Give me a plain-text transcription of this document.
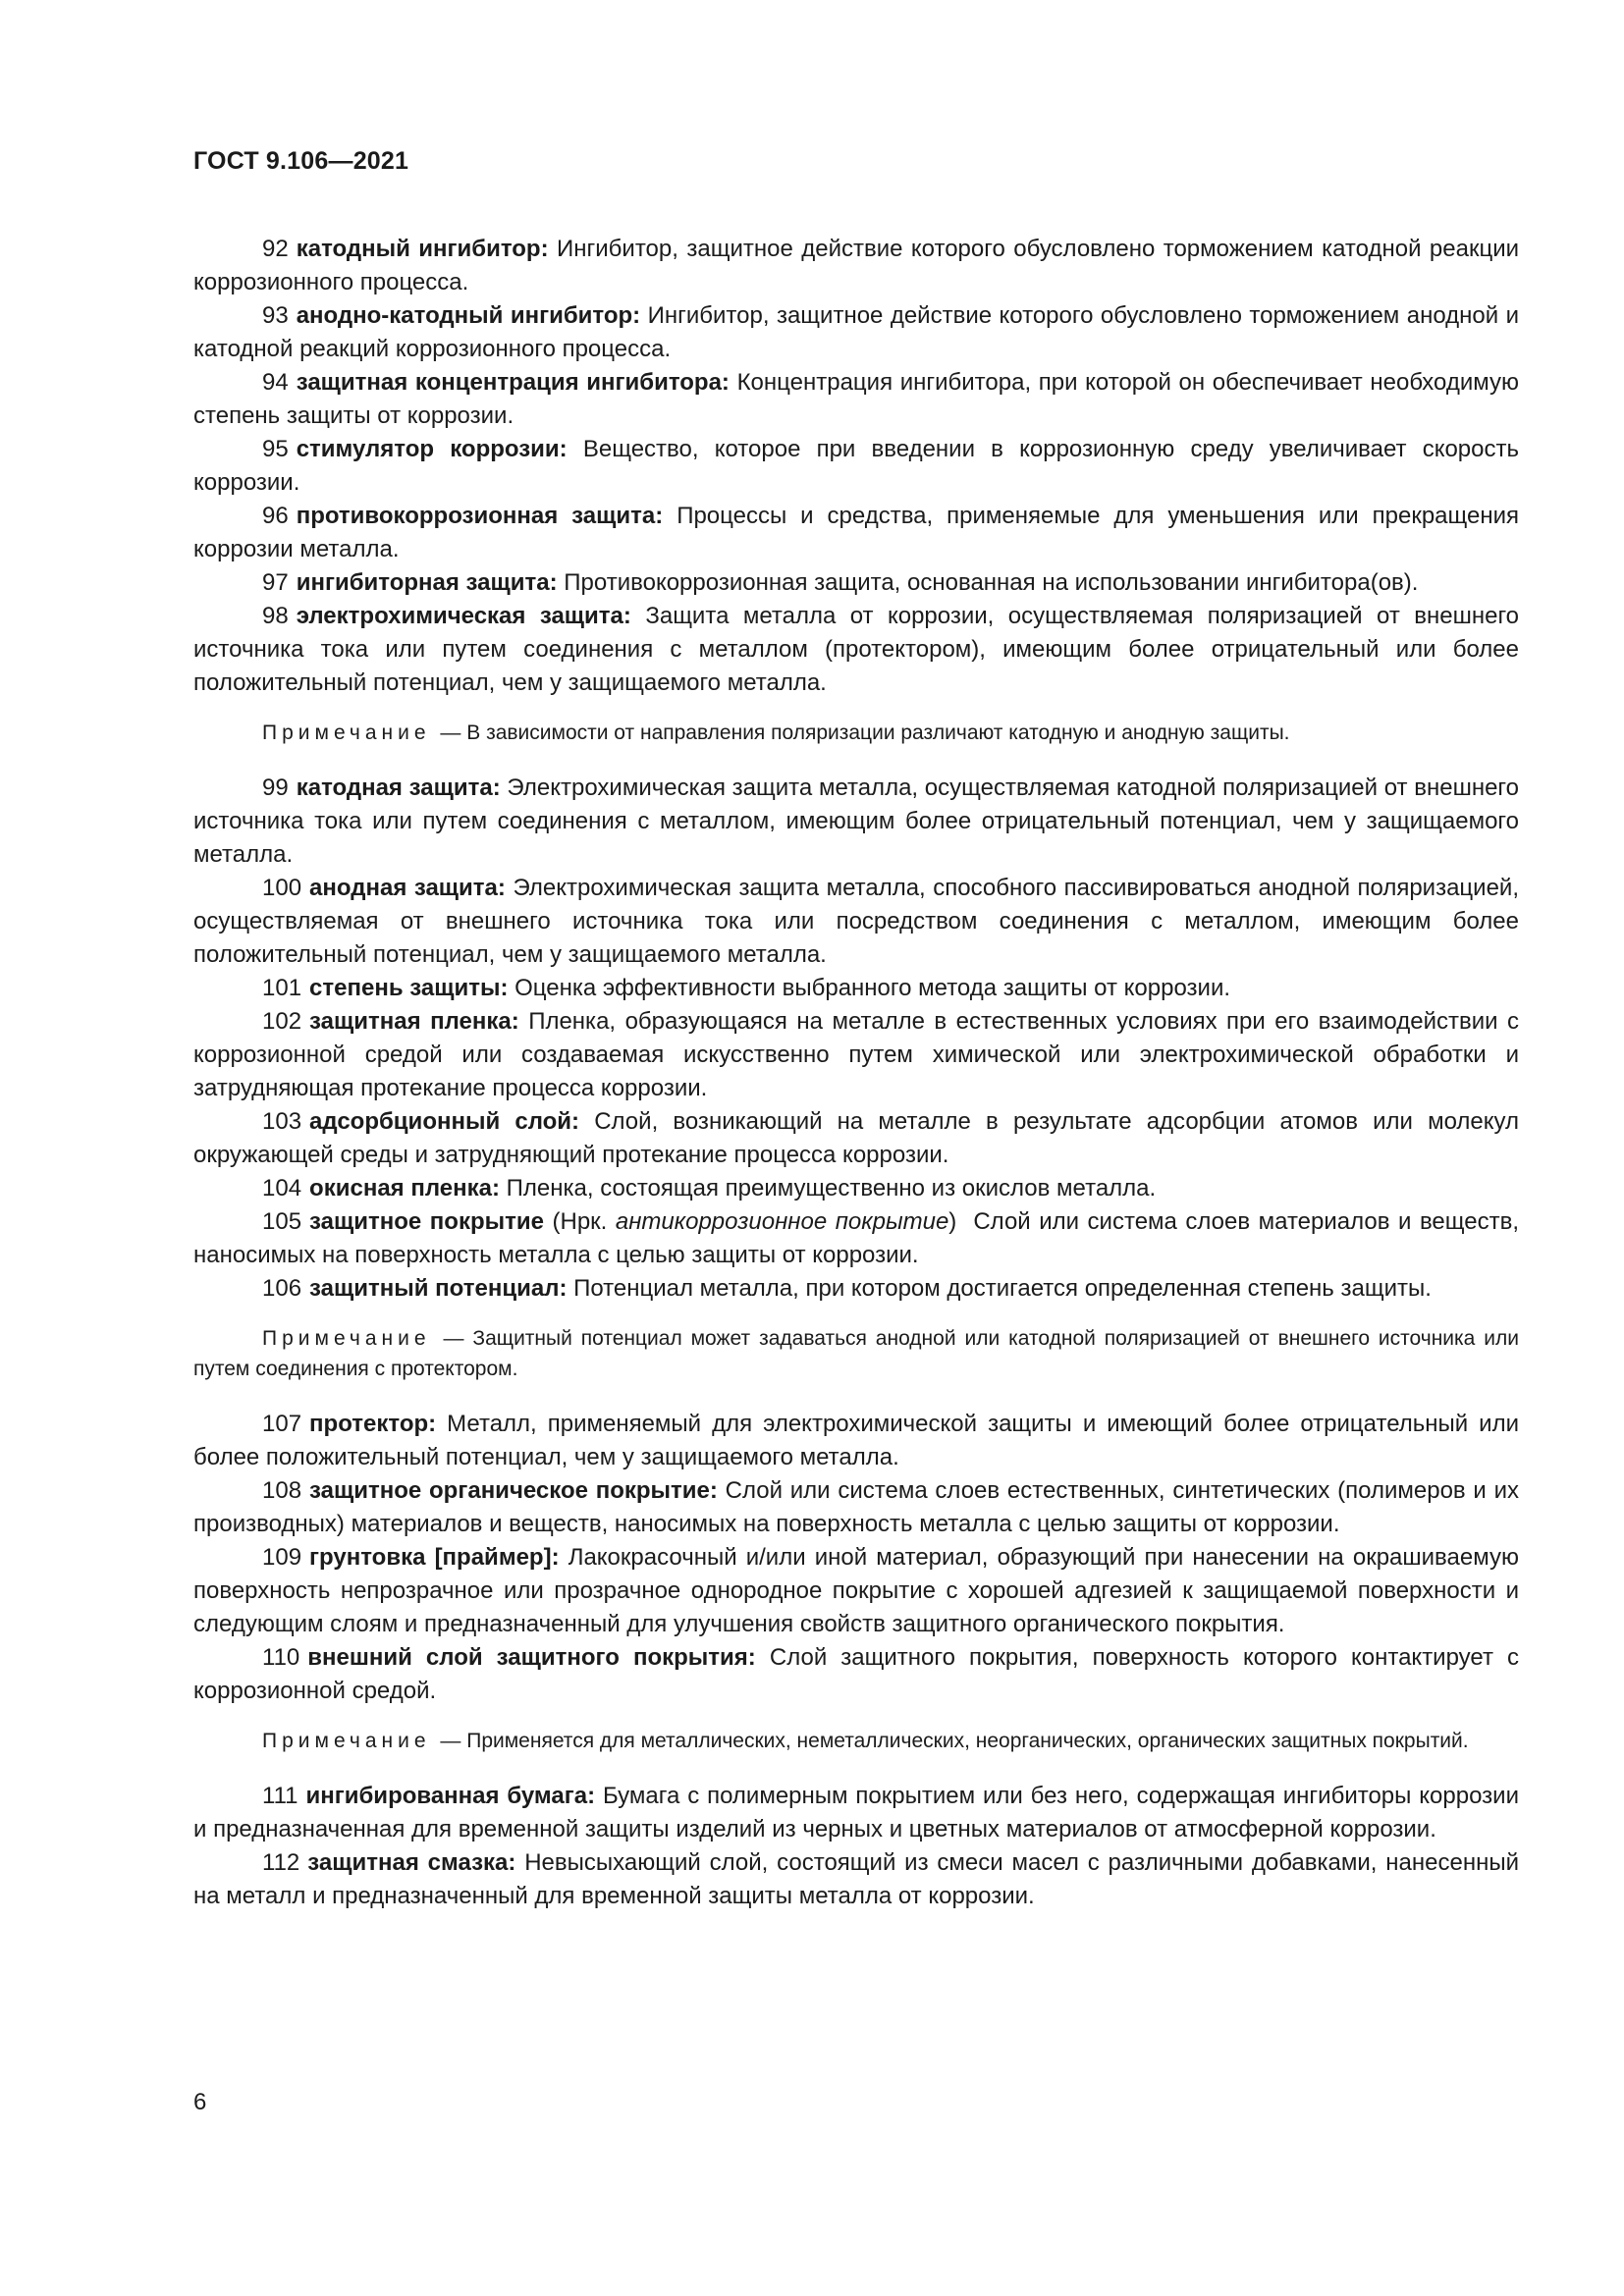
ГОСТ 9.106—2021

92 катодный ингибитор: Ингибитор, защитное действие которого обусловлено торможением катодной реакции коррозионного процесса.

93 анодно-катодный ингибитор: Ингибитор, защитное действие которого обусловлено торможением анодной и катодной реакций коррозионного процесса.

94 защитная концентрация ингибитора: Концентрация ингибитора, при которой он обеспечивает необходимую степень защиты от коррозии.

95 стимулятор коррозии: Вещество, которое при введении в коррозионную среду увеличивает скорость коррозии.

96 противокоррозионная защита: Процессы и средства, применяемые для уменьшения или прекращения коррозии металла.

97 ингибиторная защита: Противокоррозионная защита, основанная на использовании ингибитора(ов).

98 электрохимическая защита: Защита металла от коррозии, осуществляемая поляризацией от внешнего источника тока или путем соединения с металлом (протектором), имеющим более отрицательный или более положительный потенциал, чем у защищаемого металла.

Примечание — В зависимости от направления поляризации различают катодную и анодную защиты.

99 катодная защита: Электрохимическая защита металла, осуществляемая катодной поляризацией от внешнего источника тока или путем соединения с металлом, имеющим более отрицательный потенциал, чем у защищаемого металла.

100 анодная защита: Электрохимическая защита металла, способного пассивироваться анодной поляризацией, осуществляемая от внешнего источника тока или посредством соединения с металлом, имеющим более положительный потенциал, чем у защищаемого металла.

101 степень защиты: Оценка эффективности выбранного метода защиты от коррозии.

102 защитная пленка: Пленка, образующаяся на металле в естественных условиях при его взаимодействии с коррозионной средой или создаваемая искусственно путем химической или электрохимической обработки и затрудняющая протекание процесса коррозии.

103 адсорбционный слой: Слой, возникающий на металле в результате адсорбции атомов или молекул окружающей среды и затрудняющий протекание процесса коррозии.

104 окисная пленка: Пленка, состоящая преимущественно из окислов металла.

105 защитное покрытие (Нрк. антикоррозионное покрытие) Слой или система слоев материалов и веществ, наносимых на поверхность металла с целью защиты от коррозии.

106 защитный потенциал: Потенциал металла, при котором достигается определенная степень защиты.

Примечание — Защитный потенциал может задаваться анодной или катодной поляризацией от внешнего источника или путем соединения с протектором.

107 протектор: Металл, применяемый для электрохимической защиты и имеющий более отрицательный или более положительный потенциал, чем у защищаемого металла.

108 защитное органическое покрытие: Слой или система слоев естественных, синтетических (полимеров и их производных) материалов и веществ, наносимых на поверхность металла с целью защиты от коррозии.

109 грунтовка [праймер]: Лакокрасочный и/или иной материал, образующий при нанесении на окрашиваемую поверхность непрозрачное или прозрачное однородное покрытие с хорошей адгезией к защищаемой поверхности и следующим слоям и предназначенный для улучшения свойств защитного органического покрытия.

110 внешний слой защитного покрытия: Слой защитного покрытия, поверхность которого контактирует с коррозионной средой.

Примечание — Применяется для металлических, неметаллических, неорганических, органических защитных покрытий.

111 ингибированная бумага: Бумага с полимерным покрытием или без него, содержащая ингибиторы коррозии и предназначенная для временной защиты изделий из черных и цветных материалов от атмосферной коррозии.

112 защитная смазка: Невысыхающий слой, состоящий из смеси масел с различными добавками, нанесенный на металл и предназначенный для временной защиты металла от коррозии.

6
